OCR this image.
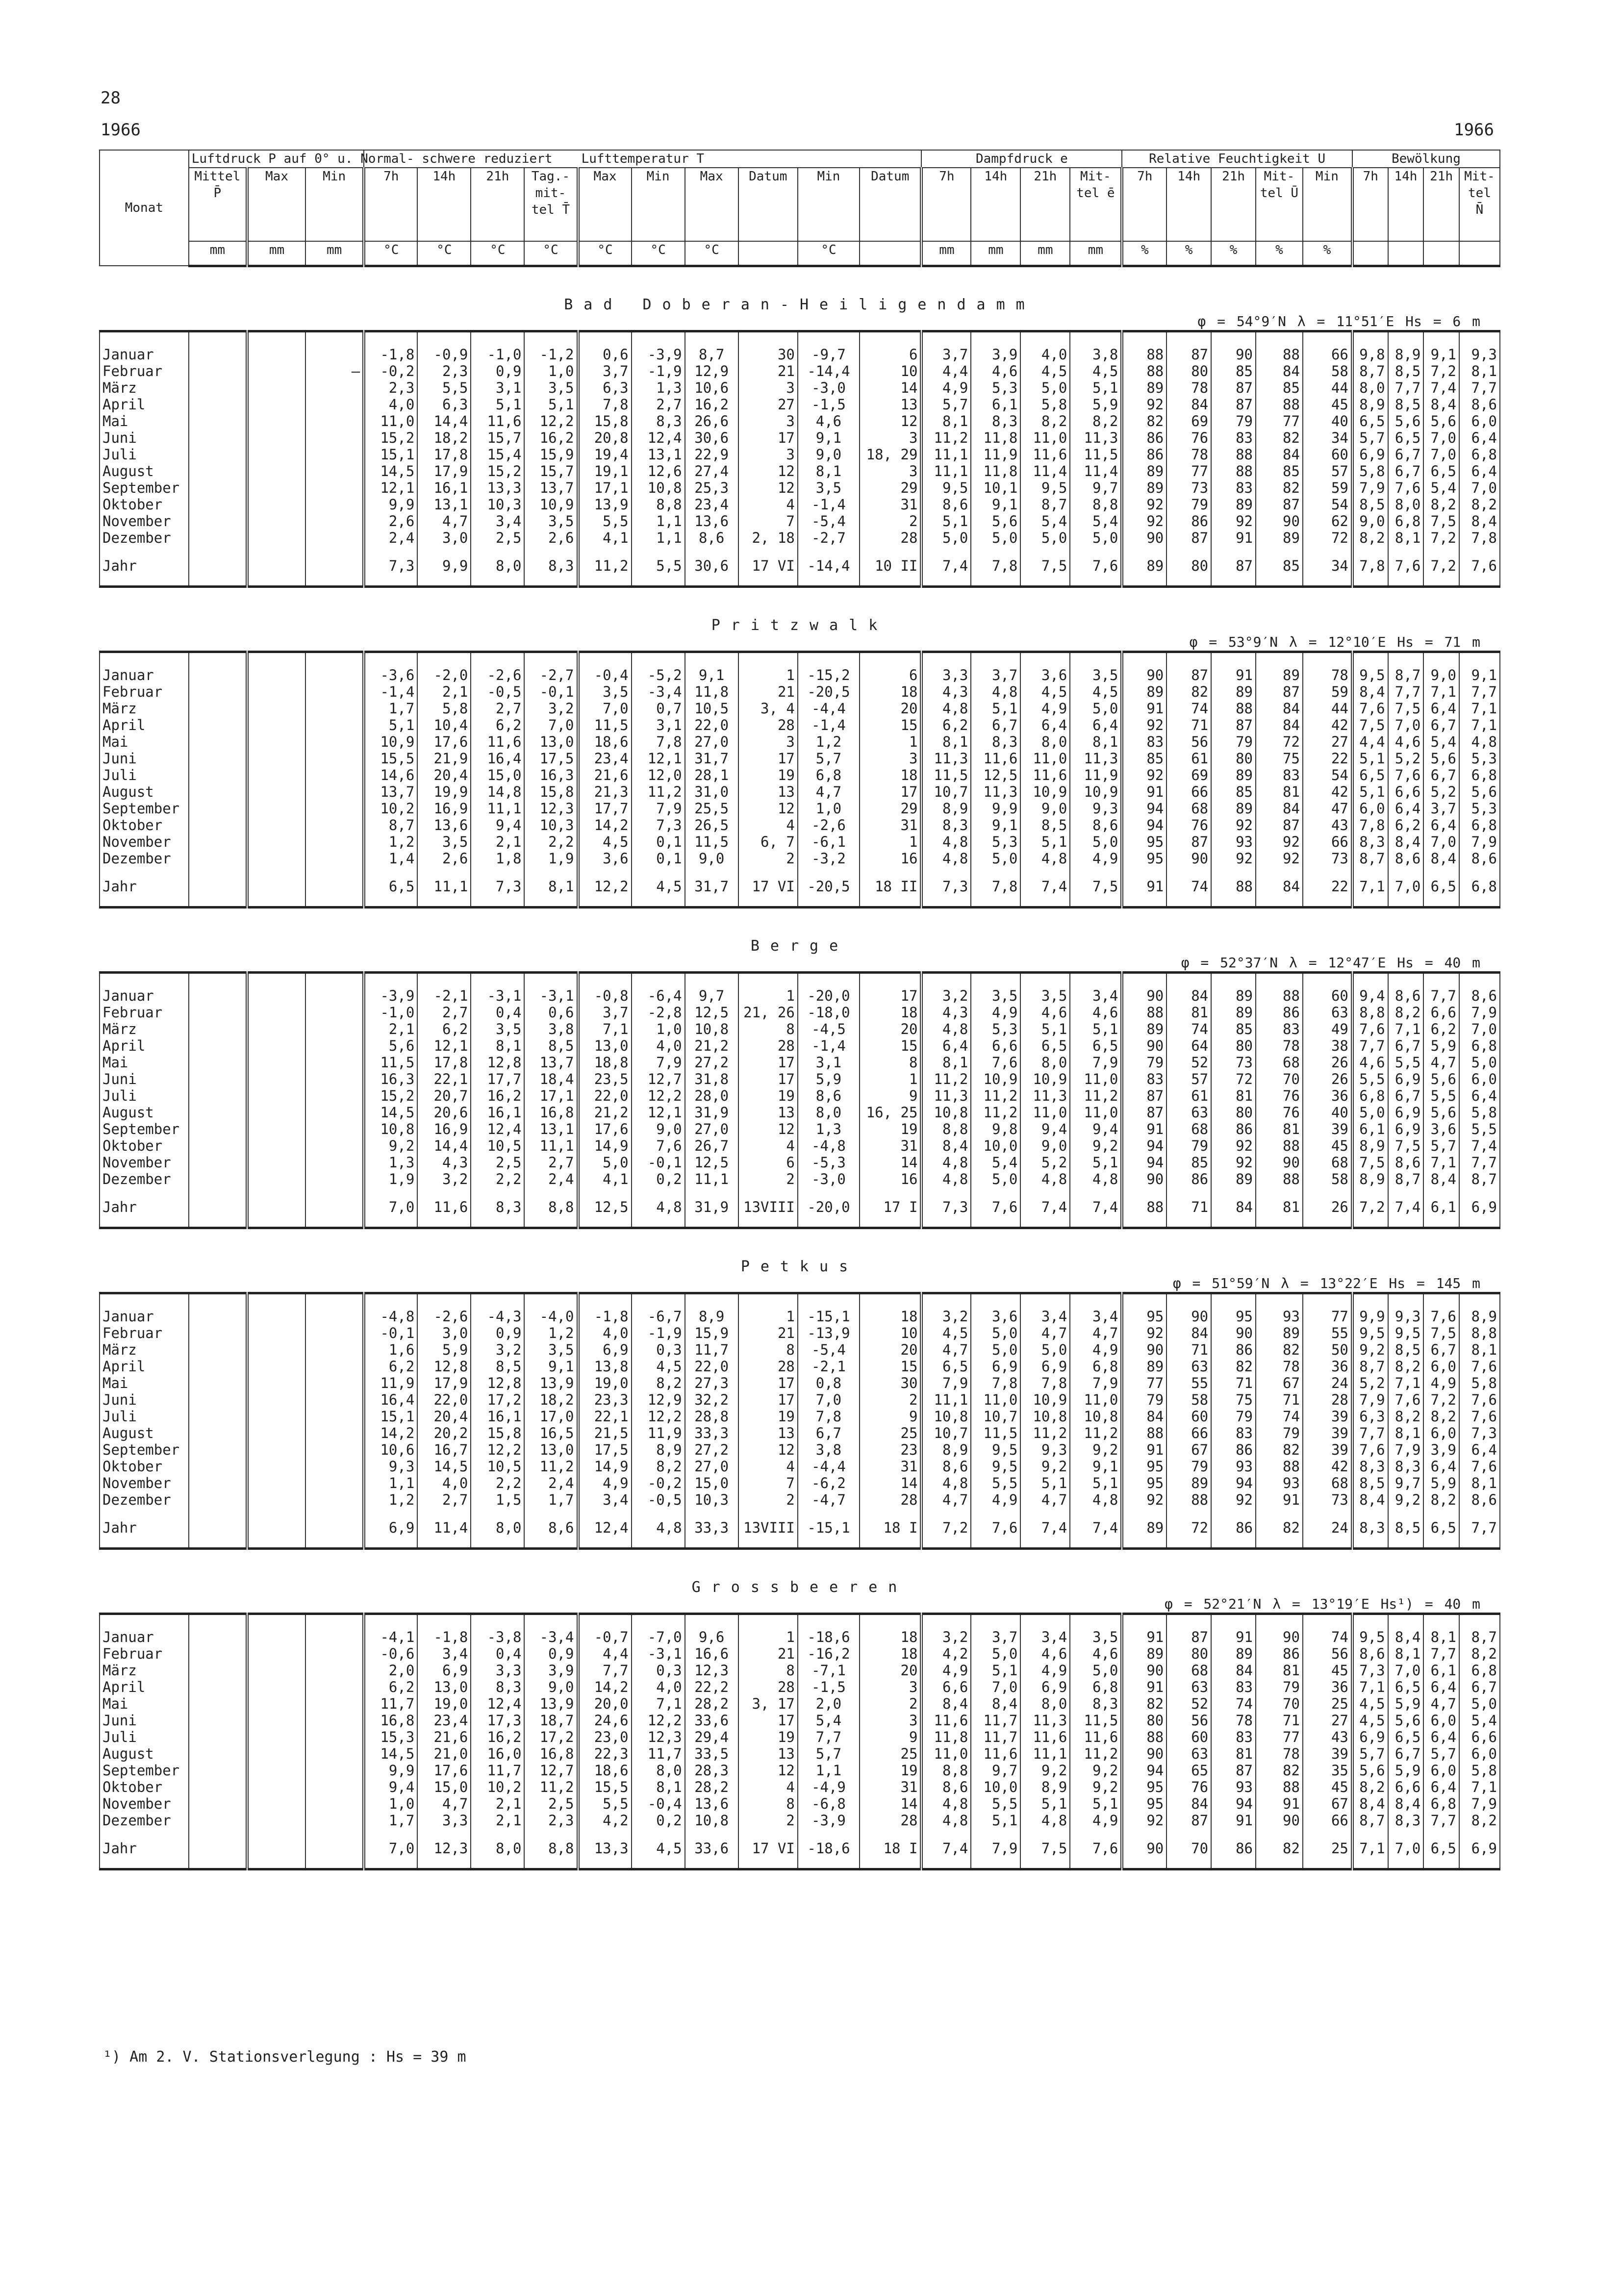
28
1966	1966
Monat	Luftdruck P auf 0° u. Normal- schwere reduziert			Lufttemperatur T										Dampfdruck e				Relative Feuchtigkeit U					Bewölkung			
	Mittel P̄	Max	Min	7h	14h	21h	Tag.-mit- tel T̄	Max	Min	Max	Datum	Min	Datum	7h	14h	21h	Mit- tel ē	7h	14h	21h	Mit- tel Ū	Min	7h	14h	21h	Mit- tel N̄
	mm	mm	mm	°C	°C	°C	°C	°C	°C	°C		°C		mm	mm	mm	mm	%	%	%	%	%				
Bad Doberan-Heiligendamm																										
φ = 54°9′N λ = 11°51′E Hs = 6 m																										

Januar				-1,8	-0,9	-1,0	-1,2	0,6	-3,9	8,7	30	-9,7	6	3,7	3,9	4,0	3,8	88	87	90	88	66	9,8	8,9	9,1	9,3
Februar			—	-0,2	2,3	0,9	1,0	3,7	-1,9	12,9	21	-14,4	10	4,4	4,6	4,5	4,5	88	80	85	84	58	8,7	8,5	7,2	8,1
März				2,3	5,5	3,1	3,5	6,3	1,3	10,6	3	-3,0	14	4,9	5,3	5,0	5,1	89	78	87	85	44	8,0	7,7	7,4	7,7
April				4,0	6,3	5,1	5,1	7,8	2,7	16,2	27	-1,5	13	5,7	6,1	5,8	5,9	92	84	87	88	45	8,9	8,5	8,4	8,6
Mai				11,0	14,4	11,6	12,2	15,8	8,3	26,6	3	4,6	12	8,1	8,3	8,2	8,2	82	69	79	77	40	6,5	5,6	5,6	6,0
Juni				15,2	18,2	15,7	16,2	20,8	12,4	30,6	17	9,1	3	11,2	11,8	11,0	11,3	86	76	83	82	34	5,7	6,5	7,0	6,4
Juli				15,1	17,8	15,4	15,9	19,4	13,1	22,9	3	9,0	18, 29	11,1	11,9	11,6	11,5	86	78	88	84	60	6,9	6,7	7,0	6,8
August				14,5	17,9	15,2	15,7	19,1	12,6	27,4	12	8,1	3	11,1	11,8	11,4	11,4	89	77	88	85	57	5,8	6,7	6,5	6,4
September				12,1	16,1	13,3	13,7	17,1	10,8	25,3	12	3,5	29	9,5	10,1	9,5	9,7	89	73	83	82	59	7,9	7,6	5,4	7,0
Oktober				9,9	13,1	10,3	10,9	13,9	8,8	23,4	4	-1,4	31	8,6	9,1	8,7	8,8	92	79	89	87	54	8,5	8,0	8,2	8,2
November				2,6	4,7	3,4	3,5	5,5	1,1	13,6	7	-5,4	2	5,1	5,6	5,4	5,4	92	86	92	90	62	9,0	6,8	7,5	8,4
Dezember				2,4	3,0	2,5	2,6	4,1	1,1	8,6	2, 18	-2,7	28	5,0	5,0	5,0	5,0	90	87	91	89	72	8,2	8,1	7,2	7,8
Jahr				7,3	9,9	8,0	8,3	11,2	5,5	30,6	17 VI	-14,4	10 II	7,4	7,8	7,5	7,6	89	80	87	85	34	7,8	7,6	7,2	7,6
Pritzwalk																										
φ = 53°9′N λ = 12°10′E Hs = 71 m																										

Januar				-3,6	-2,0	-2,6	-2,7	-0,4	-5,2	9,1	1	-15,2	6	3,3	3,7	3,6	3,5	90	87	91	89	78	9,5	8,7	9,0	9,1
Februar				-1,4	2,1	-0,5	-0,1	3,5	-3,4	11,8	21	-20,5	18	4,3	4,8	4,5	4,5	89	82	89	87	59	8,4	7,7	7,1	7,7
März				1,7	5,8	2,7	3,2	7,0	0,7	10,5	3, 4	-4,4	20	4,8	5,1	4,9	5,0	91	74	88	84	44	7,6	7,5	6,4	7,1
April				5,1	10,4	6,2	7,0	11,5	3,1	22,0	28	-1,4	15	6,2	6,7	6,4	6,4	92	71	87	84	42	7,5	7,0	6,7	7,1
Mai				10,9	17,6	11,6	13,0	18,6	7,8	27,0	3	1,2	1	8,1	8,3	8,0	8,1	83	56	79	72	27	4,4	4,6	5,4	4,8
Juni				15,5	21,9	16,4	17,5	23,4	12,1	31,7	17	5,7	3	11,3	11,6	11,0	11,3	85	61	80	75	22	5,1	5,2	5,6	5,3
Juli				14,6	20,4	15,0	16,3	21,6	12,0	28,1	19	6,8	18	11,5	12,5	11,6	11,9	92	69	89	83	54	6,5	7,6	6,7	6,8
August				13,7	19,9	14,8	15,8	21,3	11,2	31,0	13	4,7	17	10,7	11,3	10,9	10,9	91	66	85	81	42	5,1	6,6	5,2	5,6
September				10,2	16,9	11,1	12,3	17,7	7,9	25,5	12	1,0	29	8,9	9,9	9,0	9,3	94	68	89	84	47	6,0	6,4	3,7	5,3
Oktober				8,7	13,6	9,4	10,3	14,2	7,3	26,5	4	-2,6	31	8,3	9,1	8,5	8,6	94	76	92	87	43	7,8	6,2	6,4	6,8
November				1,2	3,5	2,1	2,2	4,5	0,1	11,5	6, 7	-6,1	1	4,8	5,3	5,1	5,0	95	87	93	92	66	8,3	8,4	7,0	7,9
Dezember				1,4	2,6	1,8	1,9	3,6	0,1	9,0	2	-3,2	16	4,8	5,0	4,8	4,9	95	90	92	92	73	8,7	8,6	8,4	8,6
Jahr				6,5	11,1	7,3	8,1	12,2	4,5	31,7	17 VI	-20,5	18 II	7,3	7,8	7,4	7,5	91	74	88	84	22	7,1	7,0	6,5	6,8
Berge																										
φ = 52°37′N λ = 12°47′E Hs = 40 m																										

Januar				-3,9	-2,1	-3,1	-3,1	-0,8	-6,4	9,7	1	-20,0	17	3,2	3,5	3,5	3,4	90	84	89	88	60	9,4	8,6	7,7	8,6
Februar				-1,0	2,7	0,4	0,6	3,7	-2,8	12,5	21, 26	-18,0	18	4,3	4,9	4,6	4,6	88	81	89	86	63	8,8	8,2	6,6	7,9
März				2,1	6,2	3,5	3,8	7,1	1,0	10,8	8	-4,5	20	4,8	5,3	5,1	5,1	89	74	85	83	49	7,6	7,1	6,2	7,0
April				5,6	12,1	8,1	8,5	13,0	4,0	21,2	28	-1,4	15	6,4	6,6	6,5	6,5	90	64	80	78	38	7,7	6,7	5,9	6,8
Mai				11,5	17,8	12,8	13,7	18,8	7,9	27,2	17	3,1	8	8,1	7,6	8,0	7,9	79	52	73	68	26	4,6	5,5	4,7	5,0
Juni				16,3	22,1	17,7	18,4	23,5	12,7	31,8	17	5,9	1	11,2	10,9	10,9	11,0	83	57	72	70	26	5,5	6,9	5,6	6,0
Juli				15,2	20,7	16,2	17,1	22,0	12,2	28,0	19	8,6	9	11,3	11,2	11,3	11,2	87	61	81	76	36	6,8	6,7	5,5	6,4
August				14,5	20,6	16,1	16,8	21,2	12,1	31,9	13	8,0	16, 25	10,8	11,2	11,0	11,0	87	63	80	76	40	5,0	6,9	5,6	5,8
September				10,8	16,9	12,4	13,1	17,6	9,0	27,0	12	1,3	19	8,8	9,8	9,4	9,4	91	68	86	81	39	6,1	6,9	3,6	5,5
Oktober				9,2	14,4	10,5	11,1	14,9	7,6	26,7	4	-4,8	31	8,4	10,0	9,0	9,2	94	79	92	88	45	8,9	7,5	5,7	7,4
November				1,3	4,3	2,5	2,7	5,0	-0,1	12,5	6	-5,3	14	4,8	5,4	5,2	5,1	94	85	92	90	68	7,5	8,6	7,1	7,7
Dezember				1,9	3,2	2,2	2,4	4,1	0,2	11,1	2	-3,0	16	4,8	5,0	4,8	4,8	90	86	89	88	58	8,9	8,7	8,4	8,7
Jahr				7,0	11,6	8,3	8,8	12,5	4,8	31,9	13VIII	-20,0	17 I	7,3	7,6	7,4	7,4	88	71	84	81	26	7,2	7,4	6,1	6,9
Petkus																										
φ = 51°59′N λ = 13°22′E Hs = 145 m																										

Januar				-4,8	-2,6	-4,3	-4,0	-1,8	-6,7	8,9	1	-15,1	18	3,2	3,6	3,4	3,4	95	90	95	93	77	9,9	9,3	7,6	8,9
Februar				-0,1	3,0	0,9	1,2	4,0	-1,9	15,9	21	-13,9	10	4,5	5,0	4,7	4,7	92	84	90	89	55	9,5	9,5	7,5	8,8
März				1,6	5,9	3,2	3,5	6,9	0,3	11,7	8	-5,4	20	4,7	5,0	5,0	4,9	90	71	86	82	50	9,2	8,5	6,7	8,1
April				6,2	12,8	8,5	9,1	13,8	4,5	22,0	28	-2,1	15	6,5	6,9	6,9	6,8	89	63	82	78	36	8,7	8,2	6,0	7,6
Mai				11,9	17,9	12,8	13,9	19,0	8,2	27,3	17	0,8	30	7,9	7,8	7,8	7,9	77	55	71	67	24	5,2	7,1	4,9	5,8
Juni				16,4	22,0	17,2	18,2	23,3	12,9	32,2	17	7,0	2	11,1	11,0	10,9	11,0	79	58	75	71	28	7,9	7,6	7,2	7,6
Juli				15,1	20,4	16,1	17,0	22,1	12,2	28,8	19	7,8	9	10,8	10,7	10,8	10,8	84	60	79	74	39	6,3	8,2	8,2	7,6
August				14,2	20,2	15,8	16,5	21,5	11,9	33,3	13	6,7	25	10,7	11,5	11,2	11,2	88	66	83	79	39	7,7	8,1	6,0	7,3
September				10,6	16,7	12,2	13,0	17,5	8,9	27,2	12	3,8	23	8,9	9,5	9,3	9,2	91	67	86	82	39	7,6	7,9	3,9	6,4
Oktober				9,3	14,5	10,5	11,2	14,9	8,2	27,0	4	-4,4	31	8,6	9,5	9,2	9,1	95	79	93	88	42	8,3	8,3	6,4	7,6
November				1,1	4,0	2,2	2,4	4,9	-0,2	15,0	7	-6,2	14	4,8	5,5	5,1	5,1	95	89	94	93	68	8,5	9,7	5,9	8,1
Dezember				1,2	2,7	1,5	1,7	3,4	-0,5	10,3	2	-4,7	28	4,7	4,9	4,7	4,8	92	88	92	91	73	8,4	9,2	8,2	8,6
Jahr				6,9	11,4	8,0	8,6	12,4	4,8	33,3	13VIII	-15,1	18 I	7,2	7,6	7,4	7,4	89	72	86	82	24	8,3	8,5	6,5	7,7
Grossbeeren																										
φ = 52°21′N λ = 13°19′E Hs¹) = 40 m																										

Januar				-4,1	-1,8	-3,8	-3,4	-0,7	-7,0	9,6	1	-18,6	18	3,2	3,7	3,4	3,5	91	87	91	90	74	9,5	8,4	8,1	8,7
Februar				-0,6	3,4	0,4	0,9	4,4	-3,1	16,6	21	-16,2	18	4,2	5,0	4,6	4,6	89	80	89	86	56	8,6	8,1	7,7	8,2
März				2,0	6,9	3,3	3,9	7,7	0,3	12,3	8	-7,1	20	4,9	5,1	4,9	5,0	90	68	84	81	45	7,3	7,0	6,1	6,8
April				6,2	13,0	8,3	9,0	14,2	4,0	22,2	28	-1,5	3	6,6	7,0	6,9	6,8	91	63	83	79	36	7,1	6,5	6,4	6,7
Mai				11,7	19,0	12,4	13,9	20,0	7,1	28,2	3, 17	2,0	2	8,4	8,4	8,0	8,3	82	52	74	70	25	4,5	5,9	4,7	5,0
Juni				16,8	23,4	17,3	18,7	24,6	12,2	33,6	17	5,4	3	11,6	11,7	11,3	11,5	80	56	78	71	27	4,5	5,6	6,0	5,4
Juli				15,3	21,6	16,2	17,2	23,0	12,3	29,4	19	7,7	9	11,8	11,7	11,6	11,6	88	60	83	77	43	6,9	6,5	6,4	6,6
August				14,5	21,0	16,0	16,8	22,3	11,7	33,5	13	5,7	25	11,0	11,6	11,1	11,2	90	63	81	78	39	5,7	6,7	5,7	6,0
September				9,9	17,6	11,7	12,7	18,6	8,0	28,3	12	1,1	19	8,8	9,7	9,2	9,2	94	65	87	82	35	5,6	5,9	6,0	5,8
Oktober				9,4	15,0	10,2	11,2	15,5	8,1	28,2	4	-4,9	31	8,6	10,0	8,9	9,2	95	76	93	88	45	8,2	6,6	6,4	7,1
November				1,0	4,7	2,1	2,5	5,5	-0,4	13,6	8	-6,8	14	4,8	5,5	5,1	5,1	95	84	94	91	67	8,4	8,4	6,8	7,9
Dezember				1,7	3,3	2,1	2,3	4,2	0,2	10,8	2	-3,9	28	4,8	5,1	4,8	4,9	92	87	91	90	66	8,7	8,3	7,7	8,2
Jahr				7,0	12,3	8,0	8,8	13,3	4,5	33,6	17 VI	-18,6	18 I	7,4	7,9	7,5	7,6	90	70	86	82	25	7,1	7,0	6,5	6,9
¹) Am 2. V. Stationsverlegung : Hs = 39 m
